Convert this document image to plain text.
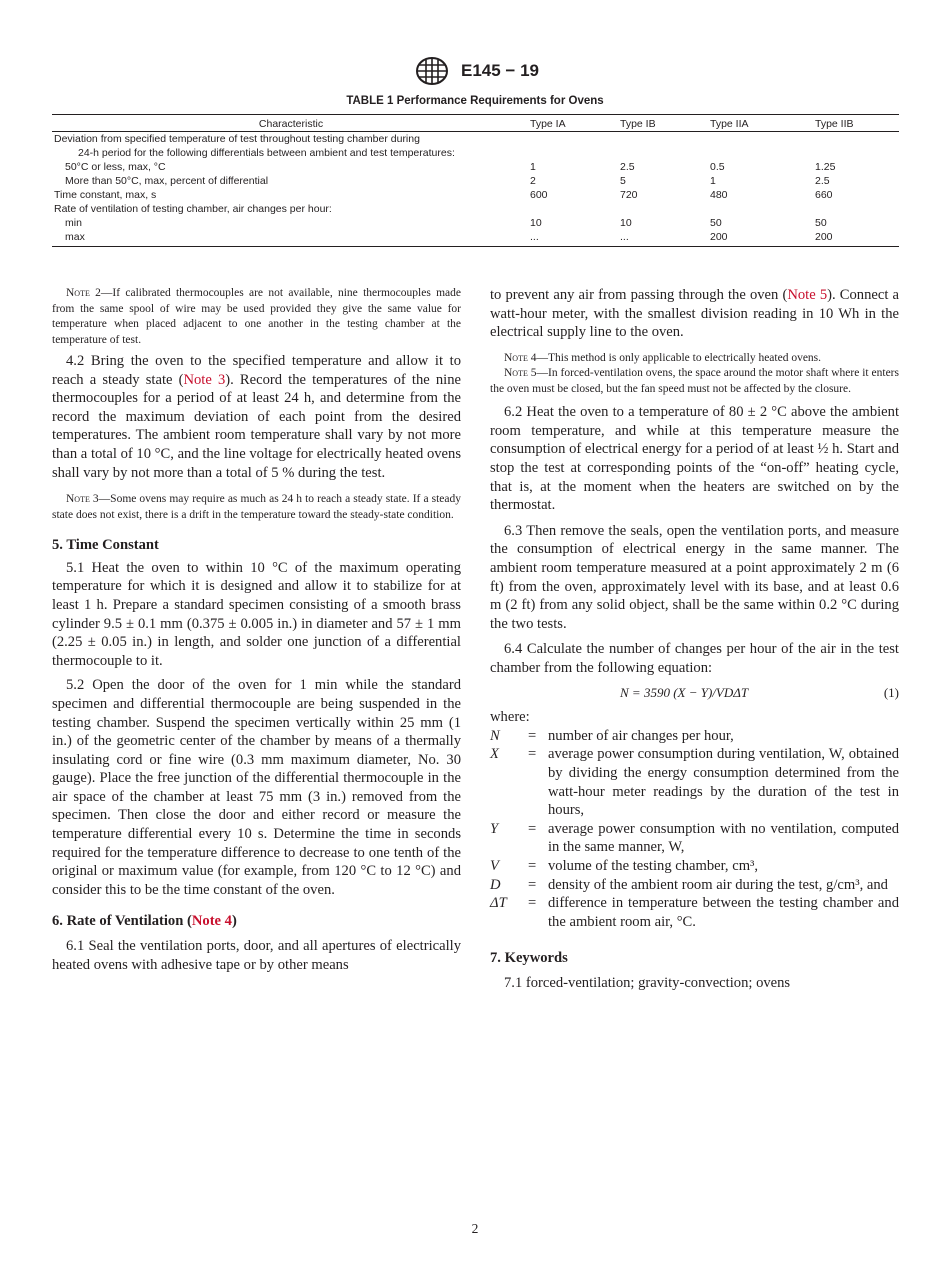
E145 − 19
TABLE 1 Performance Requirements for Ovens
Characteristic	Type IA	Type IB	Type IIA	Type IIB
Deviation from specified temperature of test throughout testing chamber during				
24-h period for the following differentials between ambient and test temperatures:				
50°C or less, max, °C	1	2.5	0.5	1.25
More than 50°C, max, percent of differential	2	5	1	2.5
Time constant, max, s	600	720	480	660
Rate of ventilation of testing chamber, air changes per hour:				
min	10	10	50	50
max	...	...	200	200

Note 2—If calibrated thermocouples are not available, nine thermocouples made from the same spool of wire may be used provided they give the same value for temperature when placed adjacent to one another in the testing chamber at the temperature of test.

4.2 Bring the oven to the specified temperature and allow it to reach a steady state (Note 3). Record the temperatures of the nine thermocouples for a period of at least 24 h, and determine from the record the maximum deviation of each point from the desired temperatures. The ambient room temperature shall vary by not more than a total of 10 °C, and the line voltage for electrically heated ovens shall vary by not more than a total of 5 % during the test.

Note 3—Some ovens may require as much as 24 h to reach a steady state. If a steady state does not exist, there is a drift in the temperature toward the steady-state condition.

5. Time Constant

5.1 Heat the oven to within 10 °C of the maximum operating temperature for which it is designed and allow it to stabilize for at least 1 h. Prepare a standard specimen consisting of a smooth brass cylinder 9.5 ± 0.1 mm (0.375 ± 0.005 in.) in diameter and 57 ± 1 mm (2.25 ± 0.05 in.) in length, and solder one junction of a differential thermocouple to it.

5.2 Open the door of the oven for 1 min while the standard specimen and differential thermocouple are being suspended in the testing chamber. Suspend the specimen vertically within 25 mm (1 in.) of the geometric center of the chamber by means of a thermally insulating cord or fine wire (0.3 mm maximum diameter, No. 30 gauge). Place the free junction of the differential thermocouple in the air space of the chamber at least 75 mm (3 in.) removed from the specimen. Then close the door and either record or measure the temperature differential every 10 s. Determine the time in seconds required for the temperature difference to decrease to one tenth of the original or maximum value (for example, from 120 °C to 12 °C) and consider this to be the time constant of the oven.

6. Rate of Ventilation (Note 4)

6.1 Seal the ventilation ports, door, and all apertures of electrically heated ovens with adhesive tape or by other means

to prevent any air from passing through the oven (Note 5). Connect a watt-hour meter, with the smallest division reading in 10 Wh in the electrical supply line to the oven.

Note 4—This method is only applicable to electrically heated ovens.

Note 5—In forced-ventilation ovens, the space around the motor shaft where it enters the oven must be closed, but the fan speed must not be affected by the closure.

6.2 Heat the oven to a temperature of 80 ± 2 °C above the ambient room temperature, and while at this temperature measure the consumption of electrical energy for a period of at least ½ h. Start and stop the test at corresponding points of the “on-off” heating cycle, that is, at the moment when the heaters are switched on by the thermostat.

6.3 Then remove the seals, open the ventilation ports, and measure the consumption of electrical energy in the same manner. The ambient room temperature measured at a point approximately 2 m (6 ft) from the oven, approximately level with its base, and at least 0.6 m (2 ft) from any solid object, shall be the same within 0.2 °C during the two tests.

6.4 Calculate the number of changes per hour of the air in the test chamber from the following equation:

N = 3590 (X − Y)/VDΔT	(1)

where:

N	= number of air changes per hour,
X	= average power consumption during ventilation, W, obtained by dividing the energy consumption determined from the watt-hour meter readings by the duration of the test in hours,
Y	= average power consumption with no ventilation, computed in the same manner, W,
V	= volume of the testing chamber, cm³,
D	= density of the ambient room air during the test, g/cm³, and
ΔT	= difference in temperature between the testing chamber and the ambient room air, °C.

7. Keywords

7.1 forced-ventilation; gravity-convection; ovens

2
